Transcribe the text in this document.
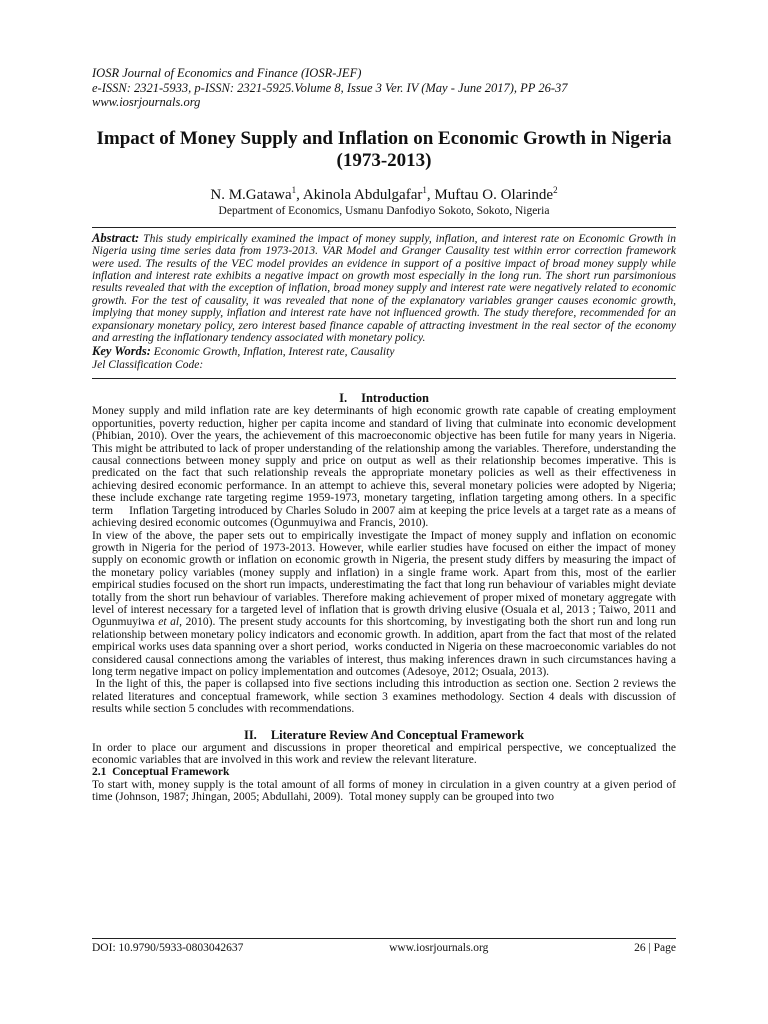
IOSR Journal of Economics and Finance (IOSR-JEF)
e-ISSN: 2321-5933, p-ISSN: 2321-5925.Volume 8, Issue 3 Ver. IV (May - June 2017), PP 26-37
www.iosrjournals.org
Impact of Money Supply and Inflation on Economic Growth in Nigeria (1973-2013)
N. M.Gatawa$^1$, Akinola Abdulgafar$^1$, Muftau O. Olarinde$^2$
Department of Economics, Usmanu Danfodiyo Sokoto, Sokoto, Nigeria
Abstract: This study empirically examined the impact of money supply, inflation, and interest rate on Economic Growth in Nigeria using time series data from 1973-2013. VAR Model and Granger Causality test within error correction framework were used. The results of the VEC model provides an evidence in support of a positive impact of broad money supply while inflation and interest rate exhibits a negative impact on growth most especially in the long run. The short run parsimonious results revealed that with the exception of inflation, broad money supply and interest rate were negatively related to economic growth. For the test of causality, it was revealed that none of the explanatory variables granger causes economic growth, implying that money supply, inflation and interest rate have not influenced growth. The study therefore, recommended for an expansionary monetary policy, zero interest based finance capable of attracting investment in the real sector of the economy and arresting the inflationary tendency associated with monetary policy.
Key Words: Economic Growth, Inflation, Interest rate, Causality
Jel Classification Code:
I. Introduction

Money supply and mild inflation rate are key determinants of high economic growth rate capable of creating employment opportunities, poverty reduction, higher per capita income and standard of living that culminate into economic development (Phibian, 2010). Over the years, the achievement of this macroeconomic objective has been futile for many years in Nigeria. This might be attributed to lack of proper understanding of the relationship among the variables. Therefore, understanding the causal connections between money supply and price on output as well as their relationship becomes imperative. This is predicated on the fact that such relationship reveals the appropriate monetary policies as well as their effectiveness in achieving desired economic performance. In an attempt to achieve this, several monetary policies were adopted by Nigeria; these include exchange rate targeting regime 1959-1973, monetary targeting, inflation targeting among others. In a specific term     Inflation Targeting introduced by Charles Soludo in 2007 aim at keeping the price levels at a target rate as a means of achieving desired economic outcomes (Ogunmuyiwa and Francis, 2010).

In view of the above, the paper sets out to empirically investigate the Impact of money supply and inflation on economic growth in Nigeria for the period of 1973-2013. However, while earlier studies have focused on either the impact of money supply on economic growth or inflation on economic growth in Nigeria, the present study differs by measuring the impact of the monetary policy variables (money supply and inflation) in a single frame work. Apart from this, most of the earlier empirical studies focused on the short run impacts, underestimating the fact that long run behaviour of variables might deviate totally from the short run behaviour of variables. Therefore making achievement of proper mixed of monetary aggregate with level of interest necessary for a targeted level of inflation that is growth driving elusive (Osuala et al, 2013 ; Taiwo, 2011 and Ogunmuyiwa et al, 2010). The present study accounts for this shortcoming, by investigating both the short run and long run relationship between monetary policy indicators and economic growth. In addition, apart from the fact that most of the related empirical works uses data spanning over a short period,  works conducted in Nigeria on these macroeconomic variables do not considered causal connections among the variables of interest, thus making inferences drawn in such circumstances having a long term negative impact on policy implementation and outcomes (Adesoye, 2012; Osuala, 2013).

In the light of this, the paper is collapsed into five sections including this introduction as section one. Section 2 reviews the related literatures and conceptual framework, while section 3 examines methodology. Section 4 deals with discussion of results while section 5 concludes with recommendations.

II. Literature Review And Conceptual Framework

In order to place our argument and discussions in proper theoretical and empirical perspective, we conceptualized the economic variables that are involved in this work and review the relevant literature.

2.1  Conceptual Framework

To start with, money supply is the total amount of all forms of money in circulation in a given country at a given period of time (Johnson, 1987; Jhingan, 2005; Abdullahi, 2009).  Total money supply can be grouped into two

DOI: 10.9790/5933-0803042637	www.iosrjournals.org	26 | Page
